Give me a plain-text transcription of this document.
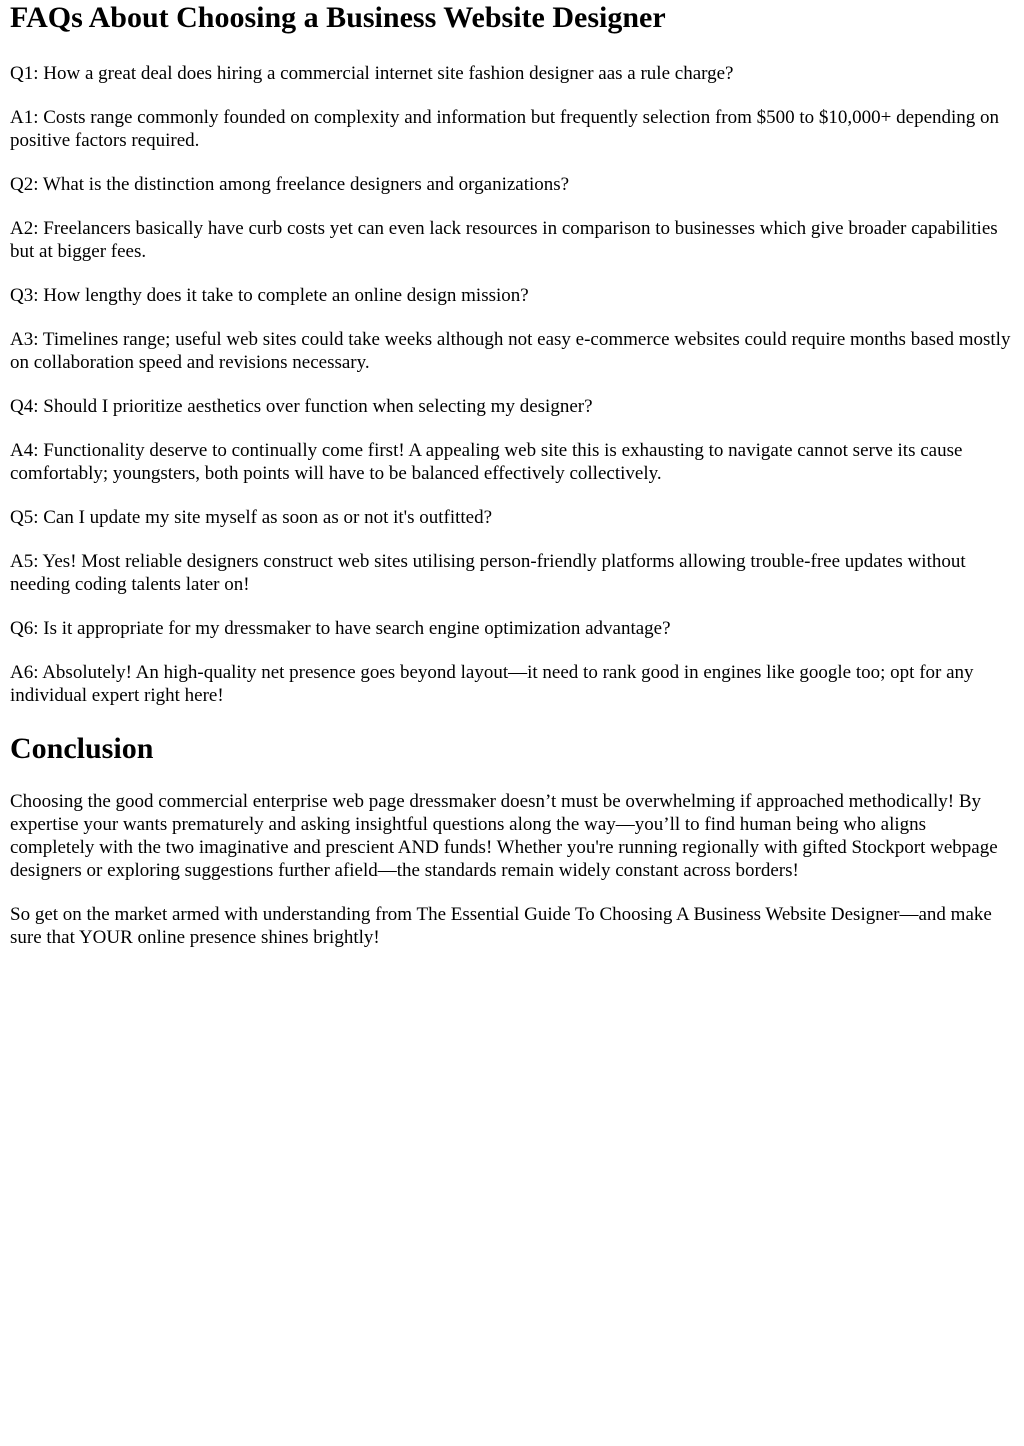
FAQs About Choosing a Business Website Designer

Q1: How a great deal does hiring a commercial internet site fashion designer aas a rule charge?

A1: Costs range commonly founded on complexity and information but frequently selection from $500 to $10,000+ depending on positive factors required.

Q2: What is the distinction among freelance designers and organizations?

A2: Freelancers basically have curb costs yet can even lack resources in comparison to businesses which give broader capabilities but at bigger fees.

Q3: How lengthy does it take to complete an online design mission?

A3: Timelines range; useful web sites could take weeks although not easy e-commerce websites could require months based mostly on collaboration speed and revisions necessary.

Q4: Should I prioritize aesthetics over function when selecting my designer?

A4: Functionality deserve to continually come first! A appealing web site this is exhausting to navigate cannot serve its cause comfortably; youngsters, both points will have to be balanced effectively collectively.

Q5: Can I update my site myself as soon as or not it's outfitted?

A5: Yes! Most reliable designers construct web sites utilising person-friendly platforms allowing trouble-free updates without needing coding talents later on!

Q6: Is it appropriate for my dressmaker to have search engine optimization advantage?

A6: Absolutely! An high-quality net presence goes beyond layout—it need to rank good in engines like google too; opt for any individual expert right here!

Conclusion

Choosing the good commercial enterprise web page dressmaker doesn’t must be overwhelming if approached methodically! By expertise your wants prematurely and asking insightful questions along the way—you’ll to find human being who aligns completely with the two imaginative and prescient AND funds! Whether you're running regionally with gifted Stockport webpage designers or exploring suggestions further afield—the standards remain widely constant across borders!

So get on the market armed with understanding from The Essential Guide To Choosing A Business Website Designer—and make sure that YOUR online presence shines brightly!
